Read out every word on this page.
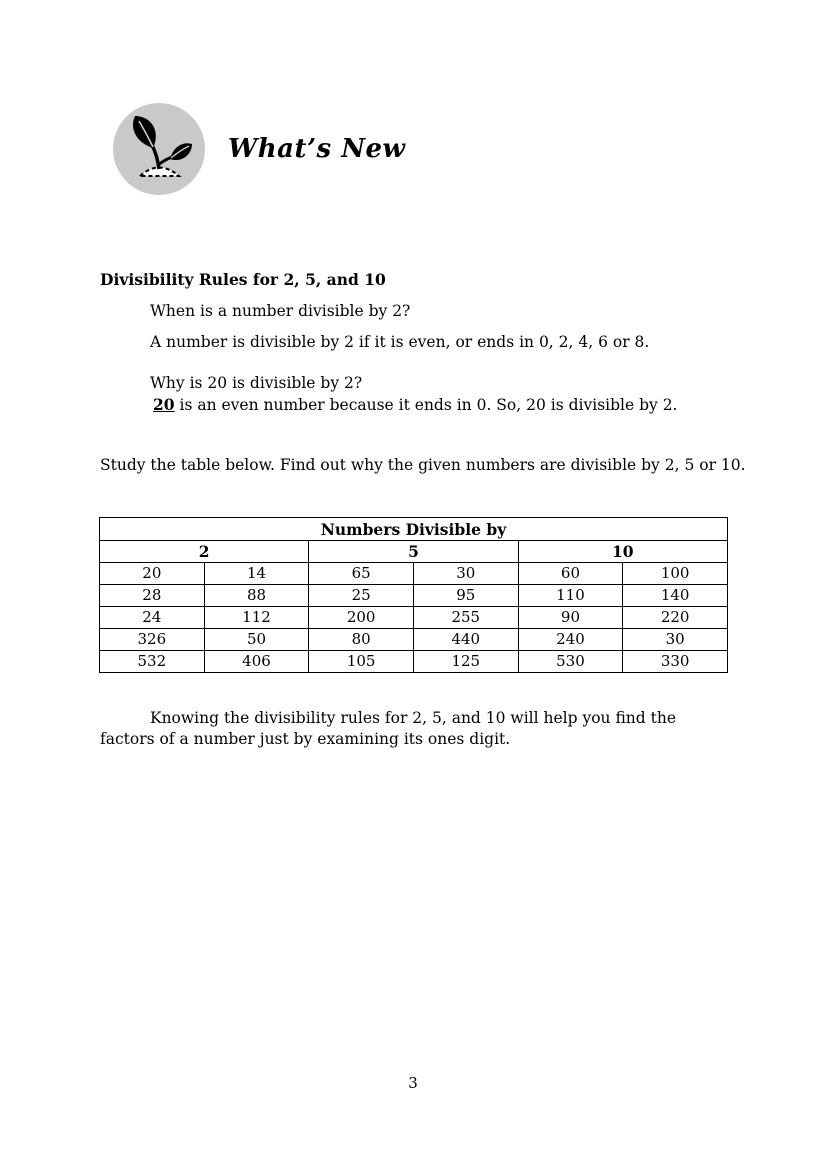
What’s New
Divisibility Rules for 2, 5, and 10
When is a number divisible by 2?
A number is divisible by 2 if it is even, or ends in 0, 2, 4, 6 or 8.
Why is 20 is divisible by 2?
20 is an even number because it ends in 0. So, 20 is divisible by 2.
Study the table below. Find out why the given numbers are divisible by 2, 5 or 10.
Numbers Divisible by					
2		5		10	
20	14	65	30	60	100
28	88	25	95	110	140
24	112	200	255	90	220
326	50	80	440	240	30
532	406	105	125	530	330
Knowing the divisibility rules for 2, 5, and 10 will help you find the factors of a number just by examining its ones digit.
3
